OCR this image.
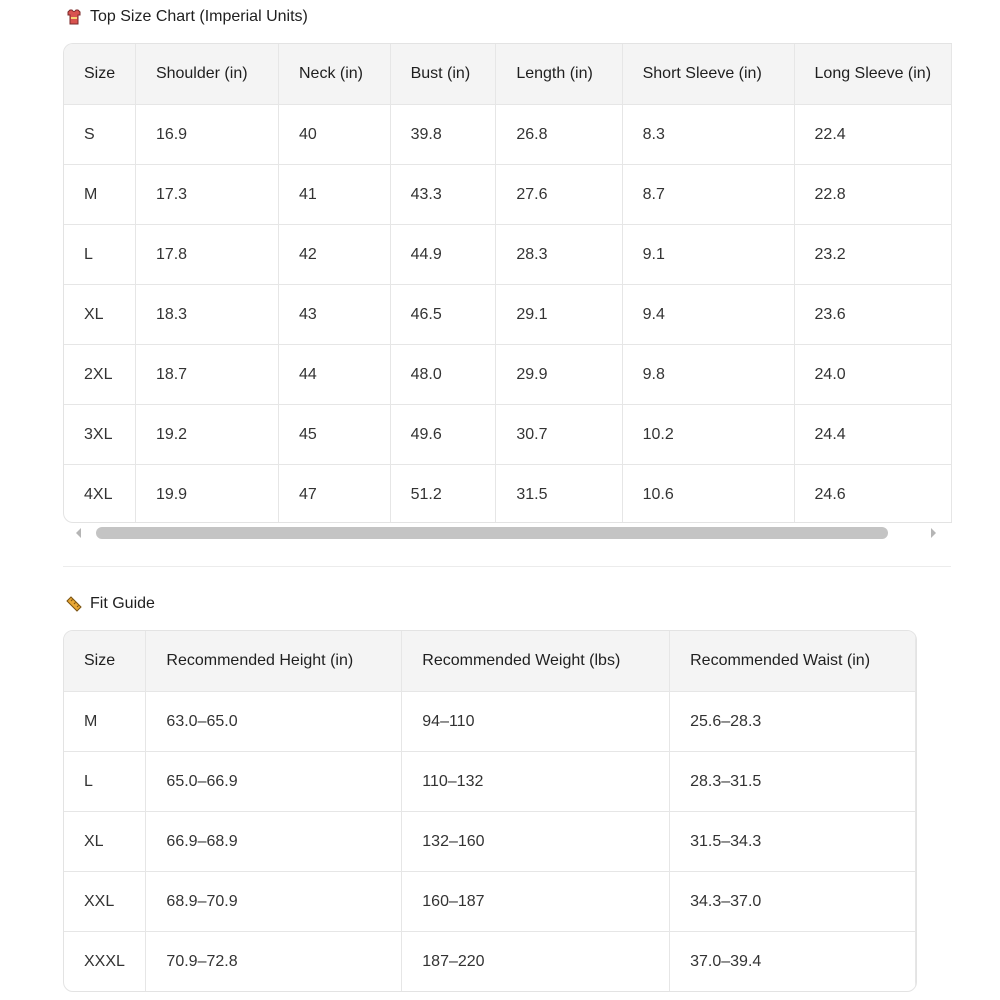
Top Size Chart (Imperial Units)
Size	Shoulder (in)	Neck (in)	Bust (in)	Length (in)	Short Sleeve (in)	Long Sleeve (in)
S	16.9	40	39.8	26.8	8.3	22.4
M	17.3	41	43.3	27.6	8.7	22.8
L	17.8	42	44.9	28.3	9.1	23.2
XL	18.3	43	46.5	29.1	9.4	23.6
2XL	18.7	44	48.0	29.9	9.8	24.0
3XL	19.2	45	49.6	30.7	10.2	24.4
4XL	19.9	47	51.2	31.5	10.6	24.6
Fit Guide
Size	Recommended Height (in)	Recommended Weight (lbs)	Recommended Waist (in)
M	63.0–65.0	94–110	25.6–28.3
L	65.0–66.9	110–132	28.3–31.5
XL	66.9–68.9	132–160	31.5–34.3
XXL	68.9–70.9	160–187	34.3–37.0
XXXL	70.9–72.8	187–220	37.0–39.4
